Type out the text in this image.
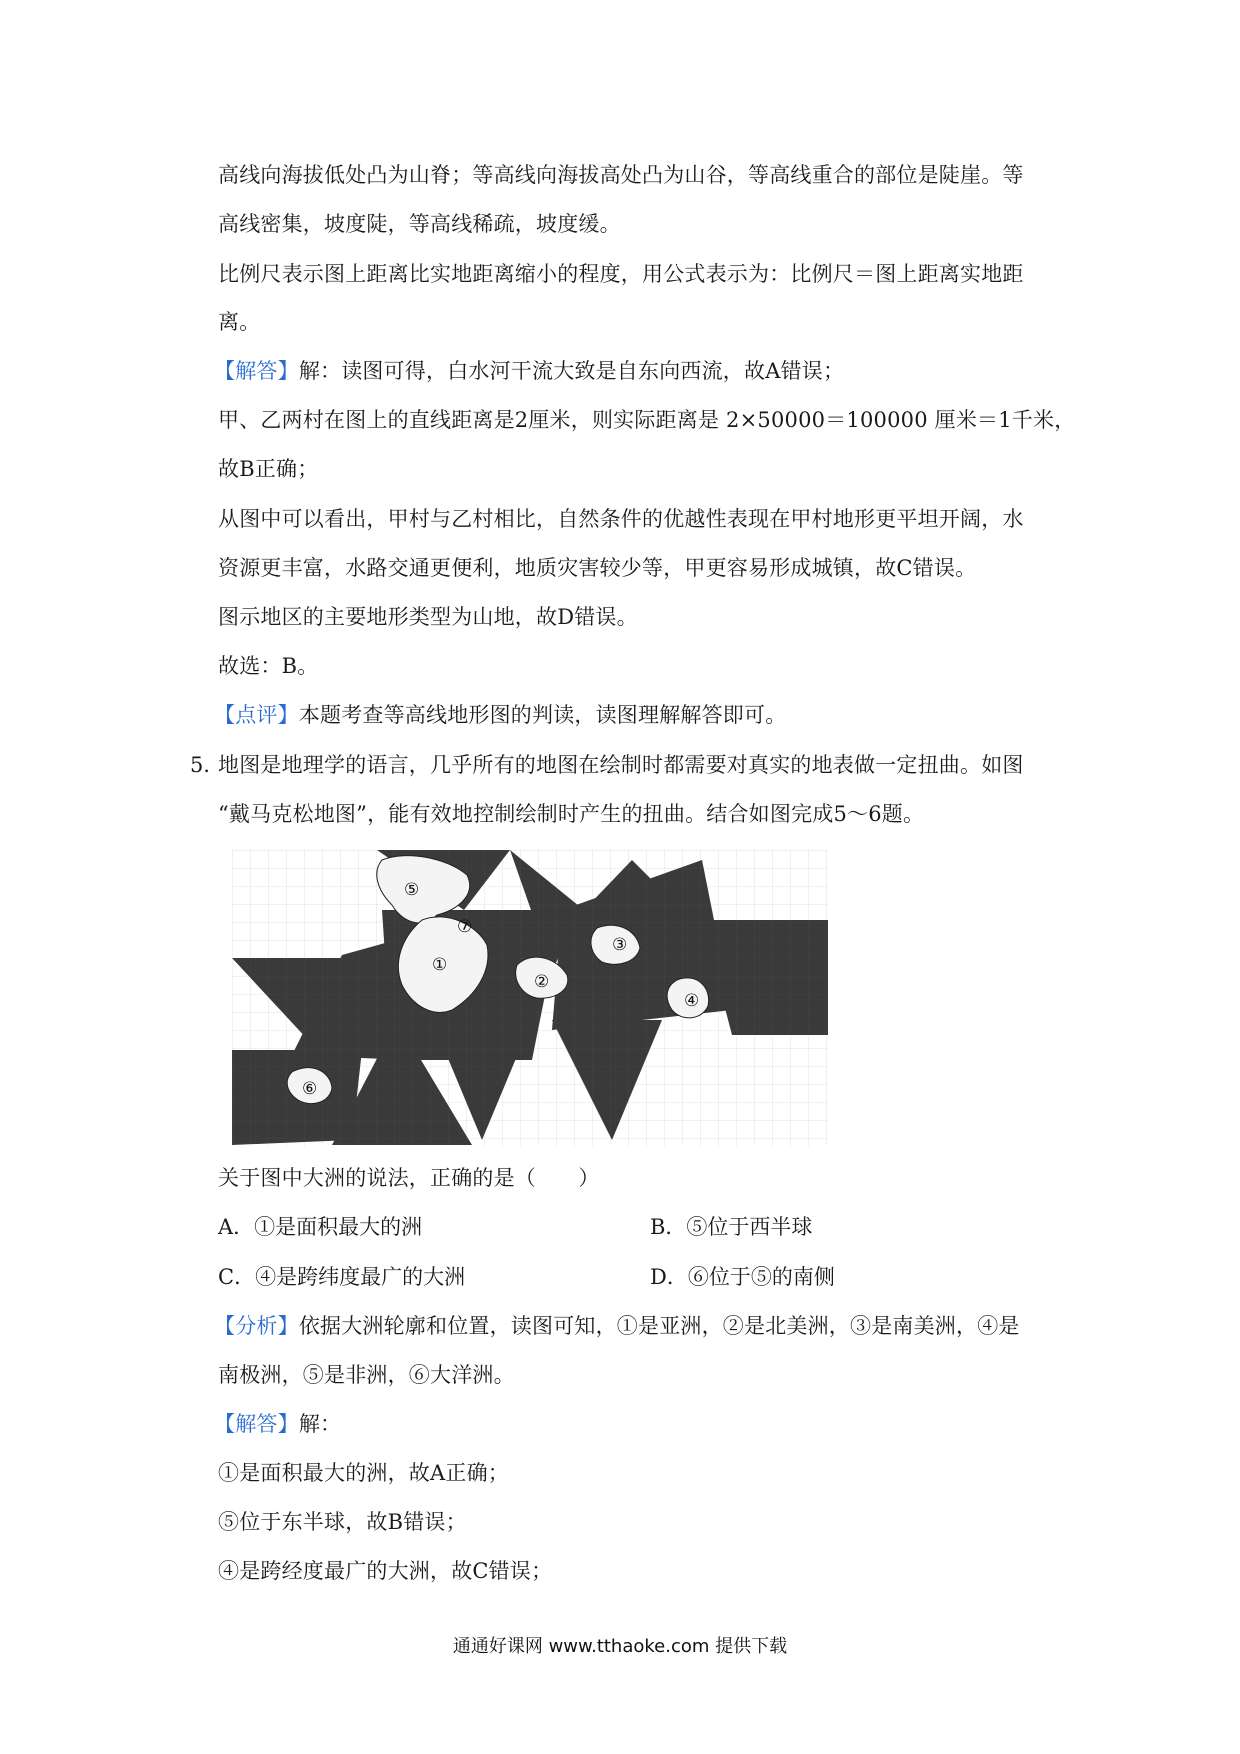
高线向海拔低处凸为山脊；等高线向海拔高处凸为山谷，等高线重合的部位是陡崖。等
高线密集，坡度陡，等高线稀疏，坡度缓。
比例尺表示图上距离比实地距离缩小的程度，用公式表示为：比例尺＝图上距离实地距
离。
【解答】解：读图可得，白水河干流大致是自东向西流，故A错误；
甲、乙两村在图上的直线距离是2厘米，则实际距离是 2×50000＝100000 厘米＝1千米，
故B正确；
从图中可以看出，甲村与乙村相比，自然条件的优越性表现在甲村地形更平坦开阔，水
资源更丰富，水路交通更便利，地质灾害较少等，甲更容易形成城镇，故C错误。
图示地区的主要地形类型为山地，故D错误。
故选：B。
【点评】本题考查等高线地形图的判读，读图理解解答即可。
5．
地图是地理学的语言，几乎所有的地图在绘制时都需要对真实的地表做一定扭曲。如图
“戴马克松地图”，能有效地控制绘制时产生的扭曲。结合如图完成5～6题。
①
②
③
④
⑤
⑥
⑦
关于图中大洲的说法，正确的是（　　）
A．①是面积最大的洲	B．⑤位于西半球
C．④是跨纬度最广的大洲	D．⑥位于⑤的南侧
【分析】依据大洲轮廓和位置，读图可知，①是亚洲，②是北美洲，③是南美洲，④是
南极洲，⑤是非洲，⑥大洋洲。
【解答】解：
①是面积最大的洲，故A正确；
⑤位于东半球，故B错误；
④是跨经度最广的大洲，故C错误；
通通好课网 www.tthaoke.com 提供下载
